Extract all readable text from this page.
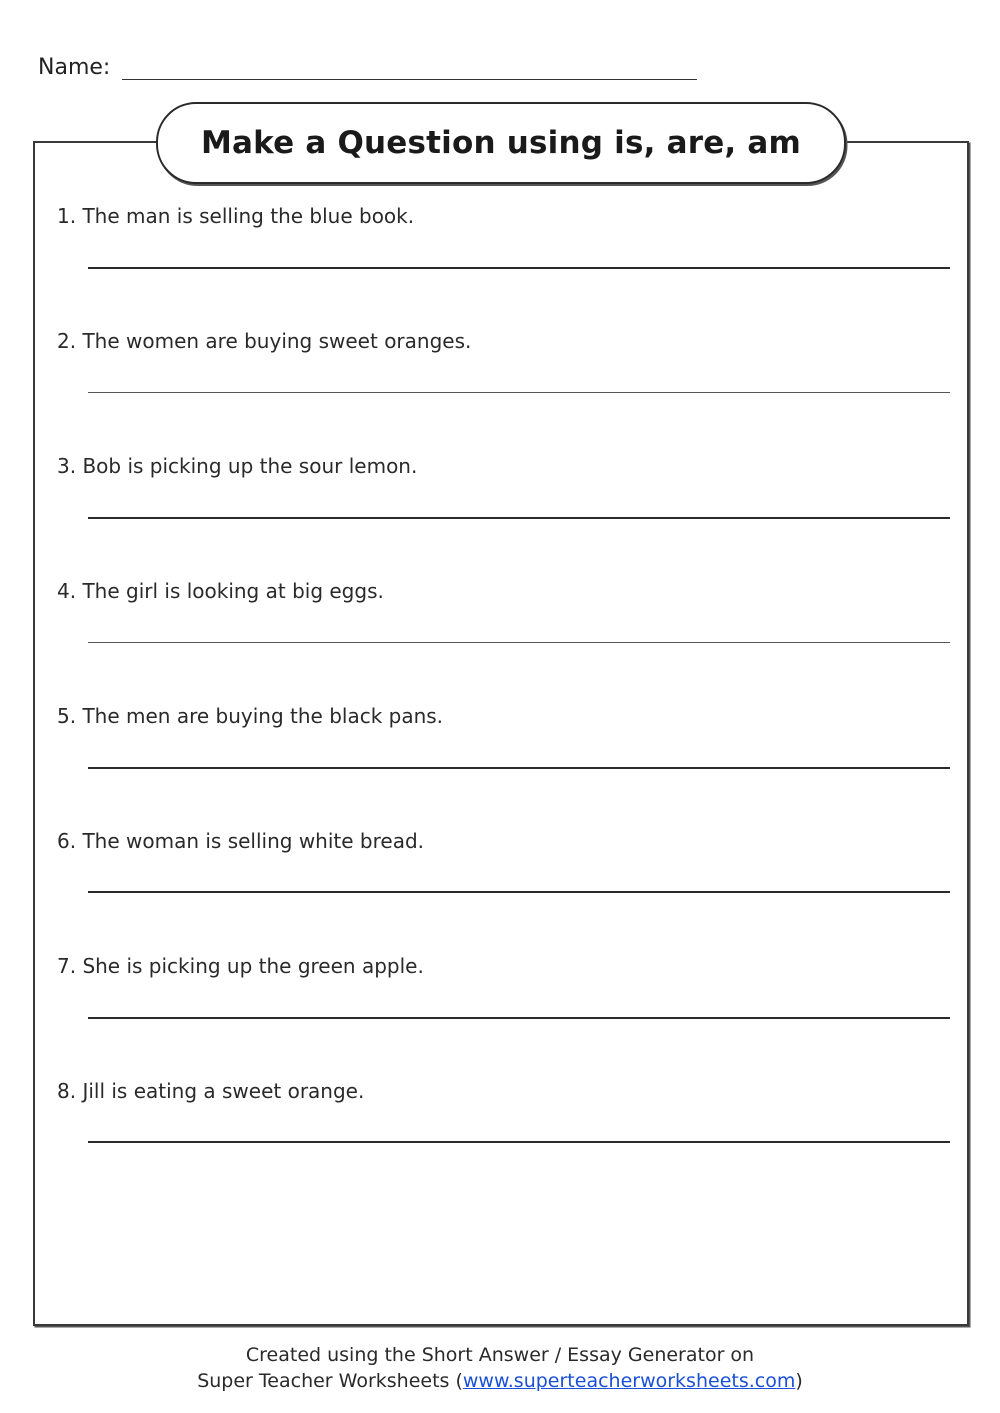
Name:
Make a Question using is, are, am
1. The man is selling the blue book.
2. The women are buying sweet oranges.
3. Bob is picking up the sour lemon.
4. The girl is looking at big eggs.
5. The men are buying the black pans.
6. The woman is selling white bread.
7. She is picking up the green apple.
8. Jill is eating a sweet orange.
Created using the Short Answer / Essay Generator on
Super Teacher Worksheets (www.superteacherworksheets.com)
